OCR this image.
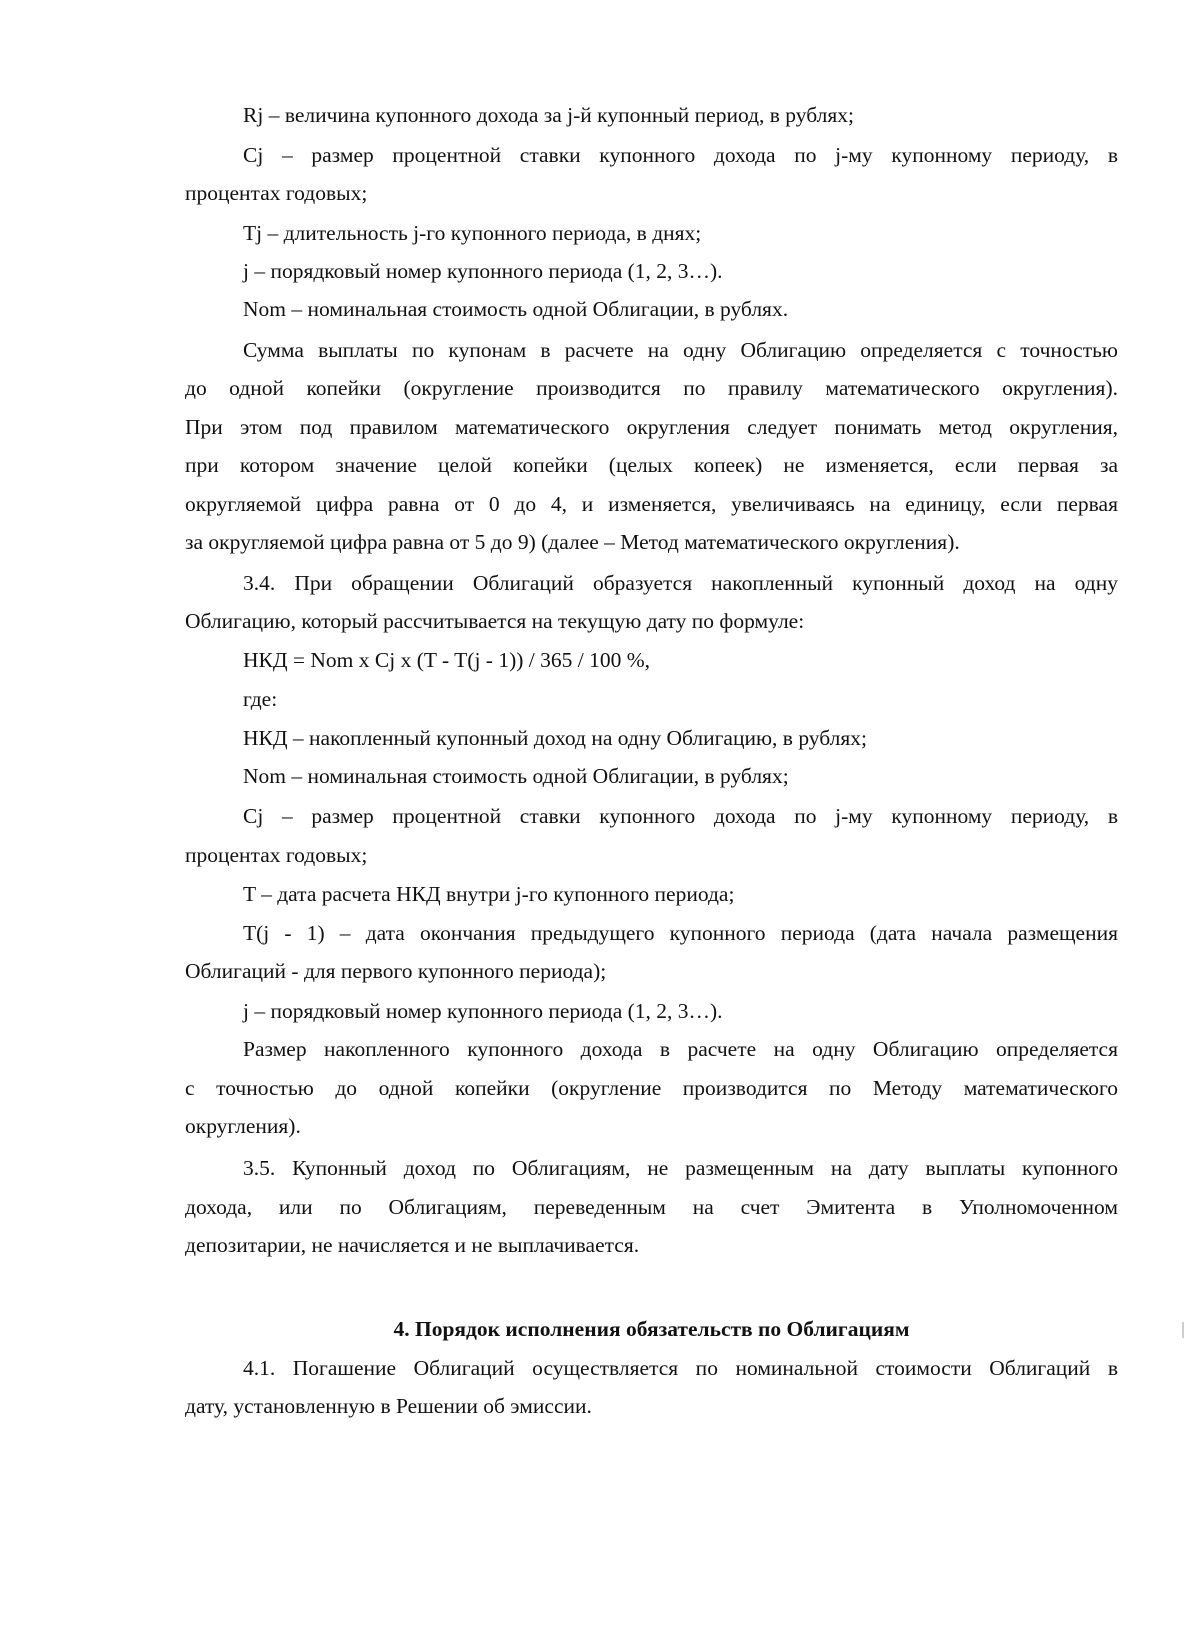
Rj – величина купонного дохода за j-й купонный период, в рублях;
Cj – размер процентной ставки купонного дохода по j-му купонному периоду, в
процентах годовых;
Tj – длительность j-го купонного периода, в днях;
j – порядковый номер купонного периода (1, 2, 3…).
Nom – номинальная стоимость одной Облигации, в рублях.
Сумма выплаты по купонам в расчете на одну Облигацию определяется с точностью
до одной копейки (округление производится по правилу математического округления).
При этом под правилом математического округления следует понимать метод округления,
при котором значение целой копейки (целых копеек) не изменяется, если первая за
округляемой цифра равна от 0 до 4, и изменяется, увеличиваясь на единицу, если первая
за округляемой цифра равна от 5 до 9) (далее – Метод математического округления).
3.4. При обращении Облигаций образуется накопленный купонный доход на одну
Облигацию, который рассчитывается на текущую дату по формуле:
НКД = Nom x Cj x (T - T(j - 1)) / 365 / 100 %,
где:
НКД – накопленный купонный доход на одну Облигацию, в рублях;
Nom – номинальная стоимость одной Облигации, в рублях;
Cj – размер процентной ставки купонного дохода по j-му купонному периоду, в
процентах годовых;
T – дата расчета НКД внутри j-го купонного периода;
T(j - 1) – дата окончания предыдущего купонного периода (дата начала размещения
Облигаций - для первого купонного периода);
j – порядковый номер купонного периода (1, 2, 3…).
Размер накопленного купонного дохода в расчете на одну Облигацию определяется
с точностью до одной копейки (округление производится по Методу математического
округления).
3.5. Купонный доход по Облигациям, не размещенным на дату выплаты купонного
дохода, или по Облигациям, переведенным на счет Эмитента в Уполномоченном
депозитарии, не начисляется и не выплачивается.
4. Порядок исполнения обязательств по Облигациям
4.1. Погашение Облигаций осуществляется по номинальной стоимости Облигаций в
дату, установленную в Решении об эмиссии.
